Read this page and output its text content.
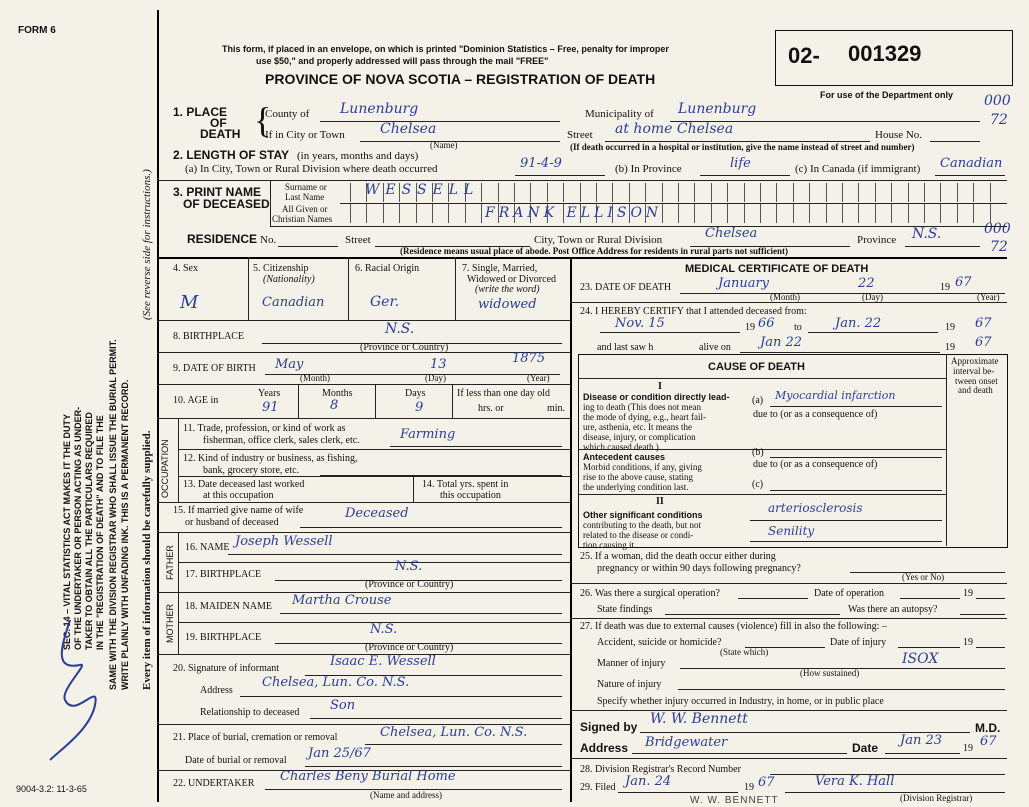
FORM 6
SEC. 14 – VITAL STATISTICS ACT MAKES IT THE DUTY OF THE UNDERTAKER OR PERSON ACTING AS UNDER- TAKER TO OBTAIN ALL THE PARTICULARS REQUIRED IN THE "REGISTRATION OF DEATH" AND TO FILE THE SAME WITH THE DIVISION REGISTRAR WHO SHALL ISSUE THE BURIAL PERMIT. WRITE PLAINLY WITH UNFADING INK. THIS IS A PERMANENT RECORD.
(See reverse side for instructions.)
Every item of information should be carefully supplied.
9004-3.2: 11-3-65
This form, if placed in an envelope, on which is printed "Dominion Statistics – Free, penalty for improper
use $50," and properly addressed will pass through the mail "FREE"
PROVINCE OF NOVA SCOTIA – REGISTRATION OF DEATH
02- 001329
For use of the Department only 000
72
000
72
1. PLACE
OF
DEATH {
County of Lunenburg	Municipality of Lunenburg
If in City or Town	Chelsea
(Name)
Street at home Chelsea	House No.
(If death occurred in a hospital or institution, give the name instead of street and number)
2. LENGTH OF STAY (in years, months and days)
(a) In City, Town or Rural Division where death occurred	91-4-9	(b) In Province	life	(c) In Canada (if immigrant) Canadian
3. PRINT NAME
OF DECEASED
Surname or
Last Name
All Given or
Christian Names
WESSELL
FRANK ELLISON
RESIDENCE No.	Street	City, Town or Rural Division	Chelsea	Province N.S.
(Residence means usual place of abode. Post Office Address for residents in rural parts not sufficient)
4. Sex
M
5. Citizenship
(Nationality)
Canadian
6. Racial Origin
Ger.
7. Single, Married,
Widowed or Divorced
(write the word)
widowed
8. BIRTHPLACE	N.S.
(Province or Country)
9. DATE OF BIRTH May	13	1875
(Month)	(Day)	(Year)
10. AGE in
Years
91
Months
8
Days
9
If less than one day old
hrs. or	min.
OCCUPATION
11. Trade, profession, or kind of work as
fisherman, office clerk, sales clerk, etc.	Farming
12. Kind of industry or business, as fishing,
bank, grocery store, etc.
13. Date deceased last worked
at this occupation
14. Total yrs. spent in
this occupation
15. If married give name of wife
or husband of deceased
Deceased
FATHER 16. NAME Joseph Wessell
17. BIRTHPLACE
N.S.
(Province or Country)
MOTHER 18. MAIDEN NAME Martha Crouse
19. BIRTHPLACE
N.S.
(Province or Country)
20. Signature of informant	Isaac E. Wessell
Address
Chelsea, Lun. Co. N.S.
Relationship to deceased Son
21. Place of burial, cremation or removal	Chelsea, Lun. Co. N.S.
Date of burial or removal Jan 25/67
22. UNDERTAKER Charles Beny Burial Home
(Name and address)
MEDICAL CERTIFICATE OF DEATH
23. DATE OF DEATH	January	22	19 67
(Month)	(Day)	(Year)
24. I HEREBY CERTIFY that I attended deceased from:
Nov. 15	19 66 to	Jan. 22	19 67
and last saw h	alive on Jan 22	19 67
CAUSE OF DEATH	Approximate
interval be-
tween onset
and death
I
Disease or condition directly lead-
ing to death (This does not mean
the mode of dying, e.g., heart fail-
ure, asthenia, etc. It means the
disease, injury, or complication
which caused death.)
(a) Myocardial infarction
due to (or as a consequence of)
Antecedent causes
Morbid conditions, if any, giving
rise to the above cause, stating
the underlying condition last.
(b)
due to (or as a consequence of)
(c)
II
Other significant conditions
contributing to the death, but not
related to the disease or condi-
tion causing it.
arteriosclerosis
Senility
25. If a woman, did the death occur either during
pregnancy or within 90 days following pregnancy?
(Yes or No)
26. Was there a surgical operation?	Date of operation	19
State findings	Was there an autopsy?
27. If death was due to external causes (violence) fill in also the following: –
Accident, suicide or homicide?	Date of injury	19
(State which)
Manner of injury	ISOX
(How sustained)
Nature of injury
Specify whether injury occurred in Industry, in home, or in public place
Signed by W. W. Bennett
M.D.
Address Bridgewater	Date Jan 23
19 67
28. Division Registrar's Record Number
29. Filed Jan. 24	19 67	Vera K. Hall
(Division Registrar)
W. W. BENNETT
